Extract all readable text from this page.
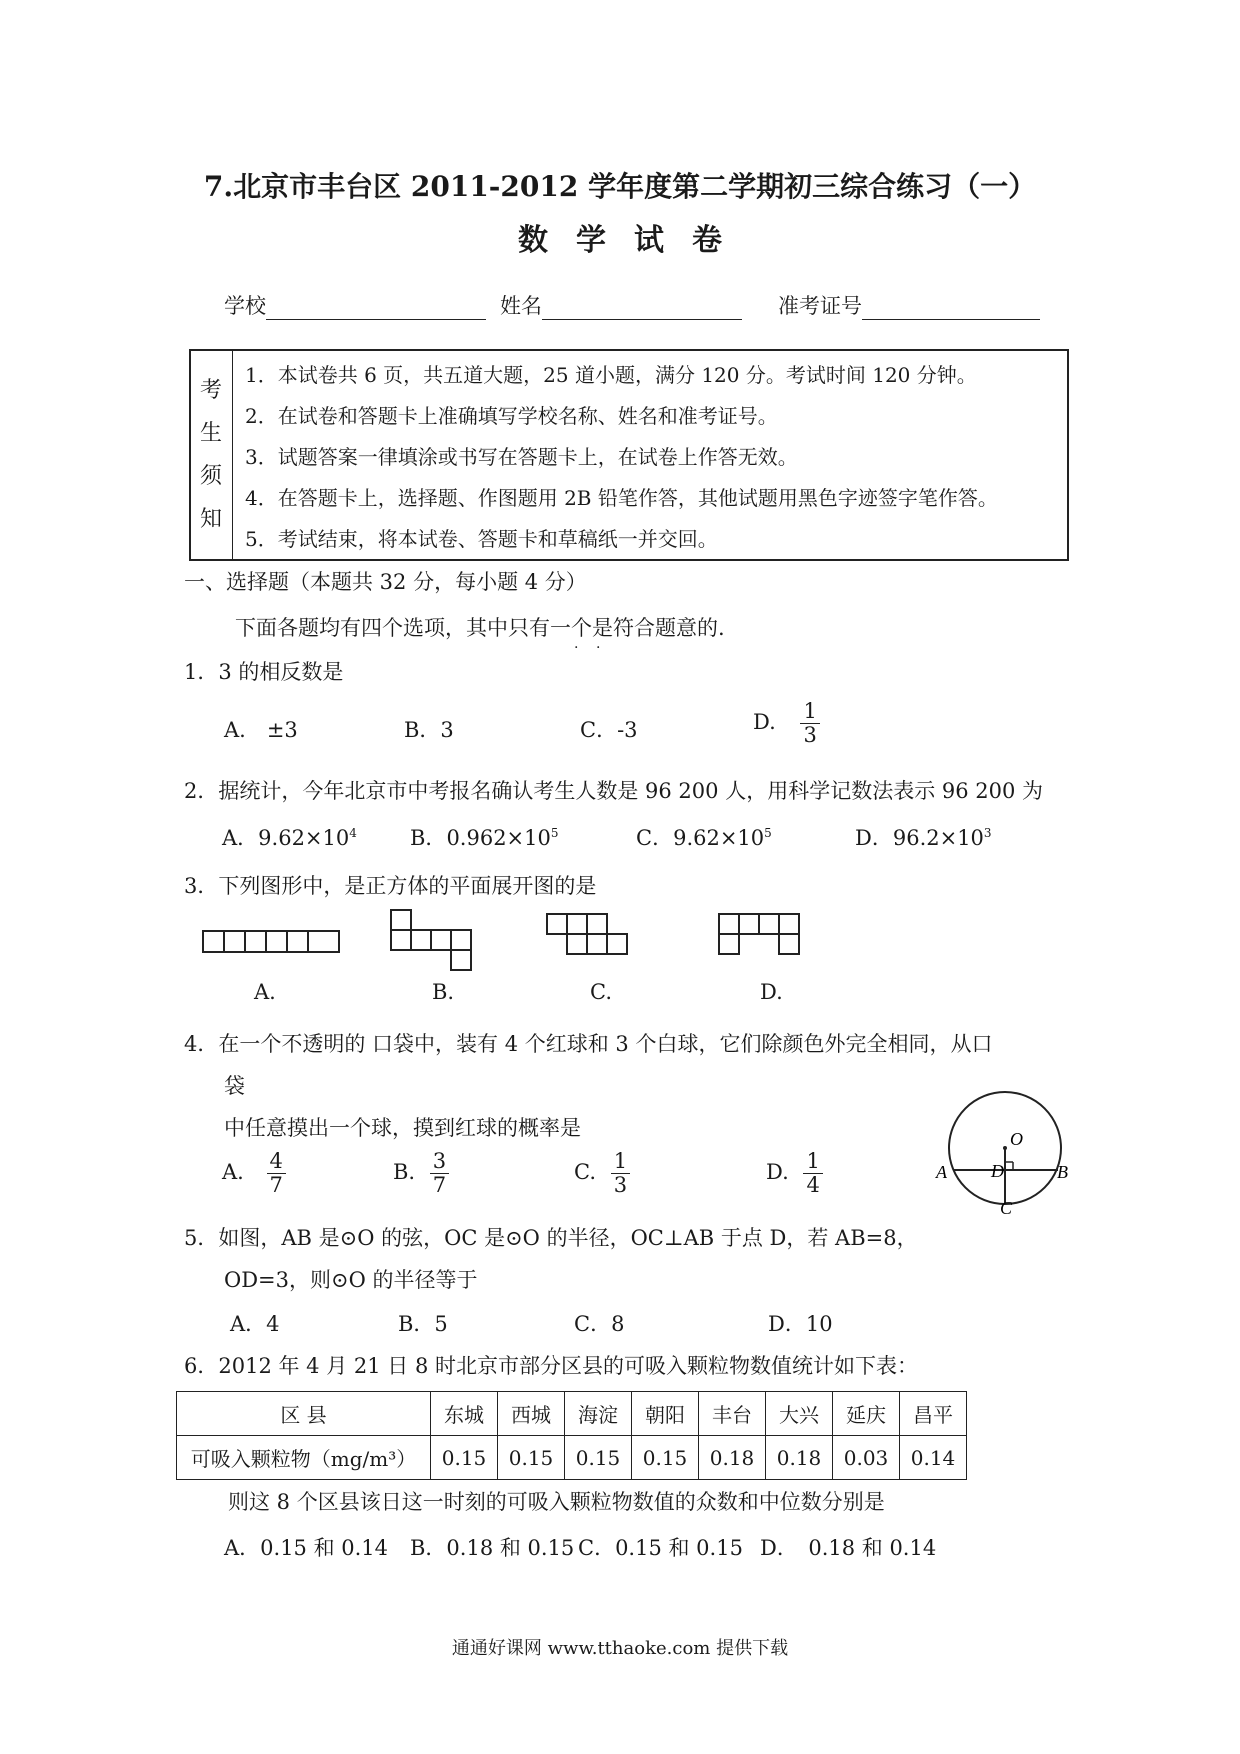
7.北京市丰台区 2011-2012 学年度第二学期初三综合练习（一）
数学试卷
学校	姓名	准考证号
考
生
须
知
1．本试卷共 6 页，共五道大题，25 道小题，满分 120 分。考试时间 120 分钟。
2．在试卷和答题卡上准确填写学校名称、姓名和准考证号。
3．试题答案一律填涂或书写在答题卡上，在试卷上作答无效。
4．在答题卡上，选择题、作图题用 2B 铅笔作答，其他试题用黑色字迹签字笔作答。
5．考试结束，将本试卷、答题卡和草稿纸一并交回。
一、选择题（本题共 32 分，每小题 4 分）
下面各题均有四个选项，其中只有一个是符合题意的.
. .
1．3 的相反数是
A.　±3	B．3	C．-3	D. $\frac{1}{3}$
2．据统计，今年北京市中考报名确认考生人数是 96 200 人，用科学记数法表示 96 200 为
A．$9.62\times 10^4$	B．$0.962\times 10^5$	C．$9.62\times 10^5$	D．$96.2\times 10^3$
3．下列图形中，是正方体的平面展开图的是
A.	B.	C.	D.
4．在一个不透明的 口袋中，装有 4 个红球和 3 个白球，它们除颜色外完全相同，从口
袋
中任意摸出一个球，摸到红球的概率是
A. $\frac{4}{7}$	B. $\frac{3}{7}$	C. $\frac{1}{3}$	D. $\frac{1}{4}$
O
A	B
D
C
5．如图，AB 是⊙O 的弦，OC 是⊙O 的半径，OC⊥AB 于点 D，若 AB=8，
OD=3，则⊙O 的半径等于
A．4	B．5	C．8	D．10
6．2012 年 4 月 21 日 8 时北京市部分区县的可吸入颗粒物数值统计如下表：
区 县	东城	西城	海淀	朝阳	丰台	大兴	延庆	昌平
可吸入颗粒物（mg/m³）	0.15	0.15	0.15	0.15	0.18	0.18	0.03	0.14
则这 8 个区县该日这一时刻的可吸入颗粒物数值的众数和中位数分别是
A．0.15 和 0.14 B．0.18 和 0.15 C．0.15 和 0.15 D．　0.18 和 0.14
通通好课网 www.tthaoke.com 提供下载
